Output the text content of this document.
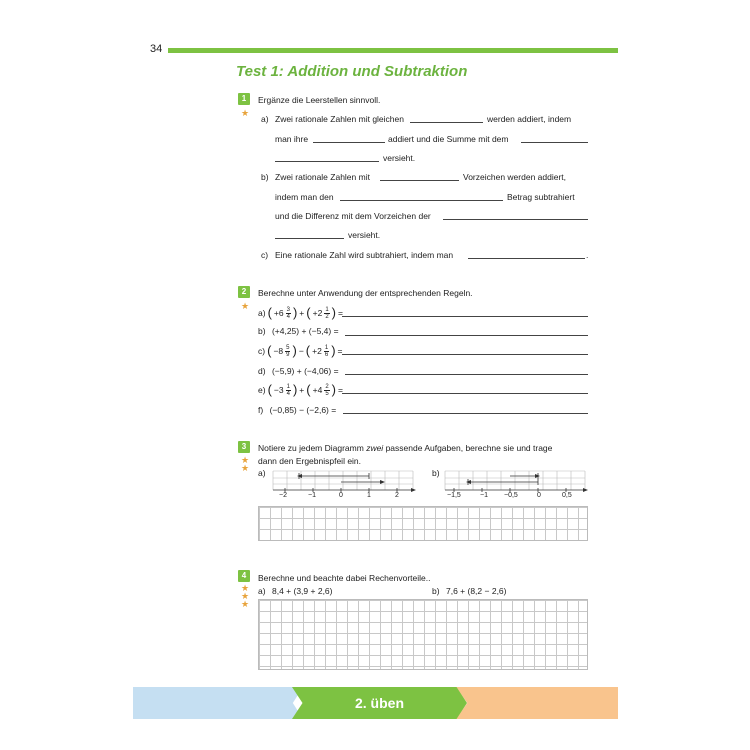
34
Test 1: Addition und Subtraktion
1
★
Ergänze die Leerstellen sinnvoll.
a) Zwei rationale Zahlen mit gleichen	werden addiert, indem
man ihre	addiert und die Summe mit dem
versieht.
b) Zwei rationale Zahlen mit	Vorzeichen werden addiert,
indem man den	Betrag subtrahiert
und die Differenz mit dem Vorzeichen der
versieht.
c) Eine rationale Zahl wird subtrahiert, indem man	.
2
★
Berechne unter Anwendung der entsprechenden Regeln.
a) ( $+6 \frac{3}{4}$ ) + ( $+2 \frac{1}{2}$ ) =
b)
(+4,25) + (−5,4) =
c) ( $-8 \frac{5}{9}$ ) − ( $+2 \frac{1}{6}$ ) =
d)
(−5,9) + (−4,06) =
e) ( $-3 \frac{1}{4}$ ) + ( $+4 \frac{2}{5}$ ) =
f)
(−0,85) − (−2,6) =
3
★
★
Notiere zu jedem Diagramm zwei passende Aufgaben, berechne sie und trage
dann den Ergebnispfeil ein.
a)
−2	−1	0	1	2
b)
−1,5	−1 −0,5	0	0,5
4
★
★
★
Berechne und beachte dabei Rechenvorteile..
a) 8,4 + (3,9 + 2,6)	b) 7,6 + (8,2 − 2,6)
2. üben
